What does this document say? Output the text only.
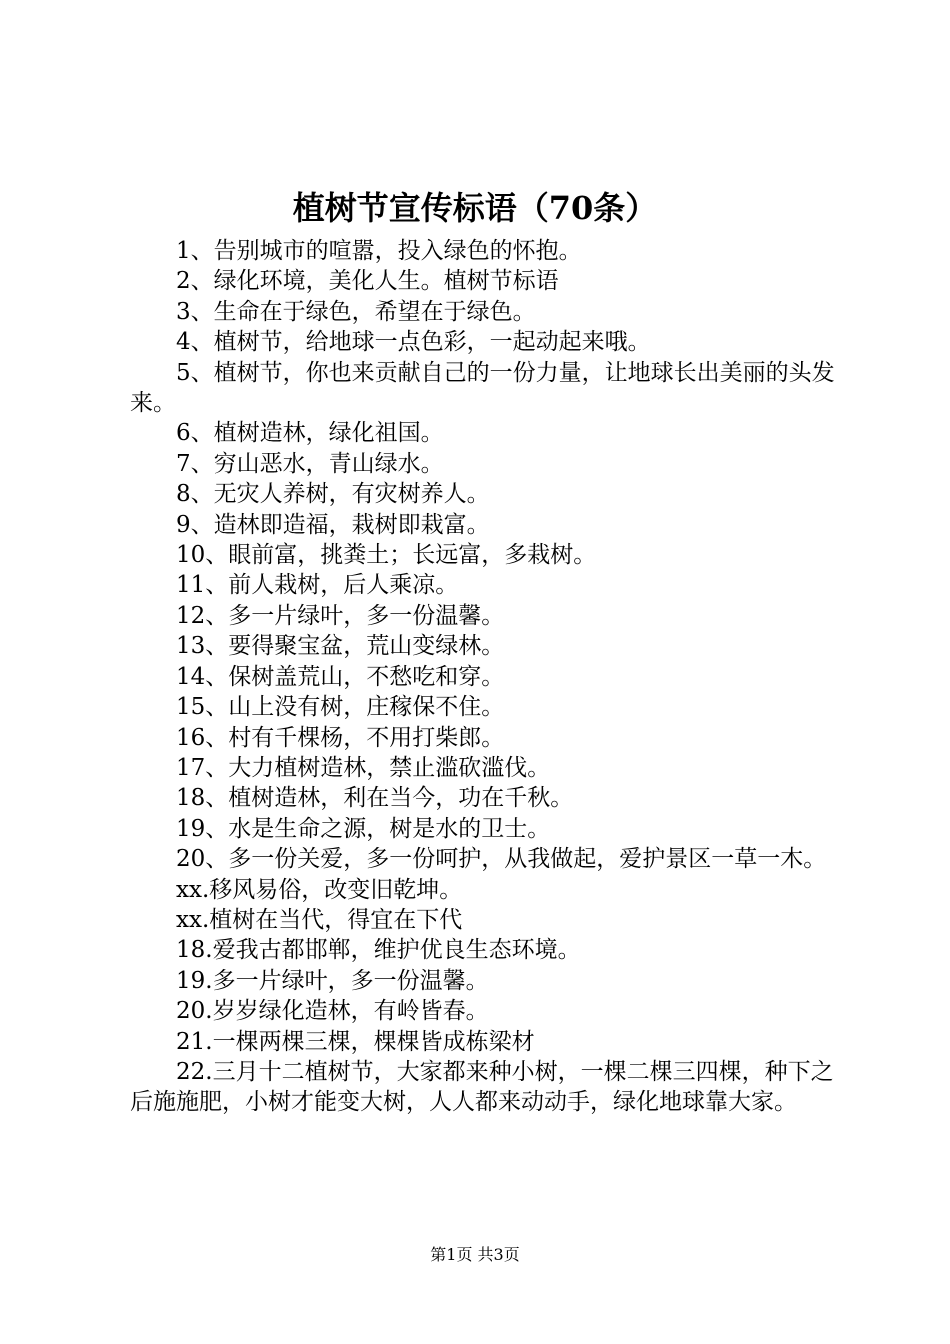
植树节宣传标语（70条）

1、告别城市的喧嚣，投入绿色的怀抱。

2、绿化环境，美化人生。植树节标语

3、生命在于绿色，希望在于绿色。

4、植树节，给地球一点色彩，一起动起来哦。

5、植树节，你也来贡献自己的一份力量，让地球长出美丽的头发来。

6、植树造林，绿化祖国。

7、穷山恶水，青山绿水。

8、无灾人养树，有灾树养人。

9、造林即造福，栽树即栽富。

10、眼前富，挑粪土；长远富，多栽树。

11、前人栽树，后人乘凉。

12、多一片绿叶，多一份温馨。

13、要得聚宝盆，荒山变绿林。

14、保树盖荒山，不愁吃和穿。

15、山上没有树，庄稼保不住。

16、村有千棵杨，不用打柴郎。

17、大力植树造林，禁止滥砍滥伐。

18、植树造林，利在当今，功在千秋。

19、水是生命之源，树是水的卫士。

20、多一份关爱，多一份呵护，从我做起，爱护景区一草一木。

xx.移风易俗，改变旧乾坤。

xx.植树在当代，得宜在下代

18.爱我古都邯郸，维护优良生态环境。

19.多一片绿叶，多一份温馨。

20.岁岁绿化造林，有岭皆春。

21.一棵两棵三棵，棵棵皆成栋梁材

22.三月十二植树节，大家都来种小树，一棵二棵三四棵，种下之后施施肥，小树才能变大树，人人都来动动手，绿化地球靠大家。

第1页 共3页
